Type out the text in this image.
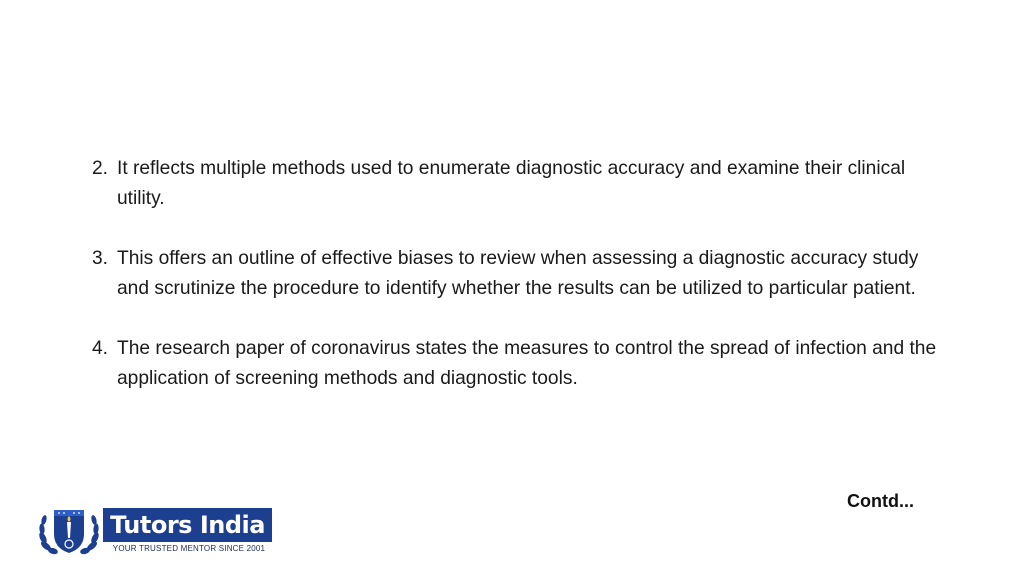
2. It reflects multiple methods used to enumerate diagnostic accuracy and examine their clinical utility.
3. This offers an outline of effective biases to review when assessing a diagnostic accuracy study and scrutinize the procedure to identify whether the results can be utilized to particular patient.
4. The research paper of coronavirus states the measures to control the spread of infection and the application of screening methods and diagnostic tools.
Contd...
Tutors India
YOUR TRUSTED MENTOR SINCE 2001
